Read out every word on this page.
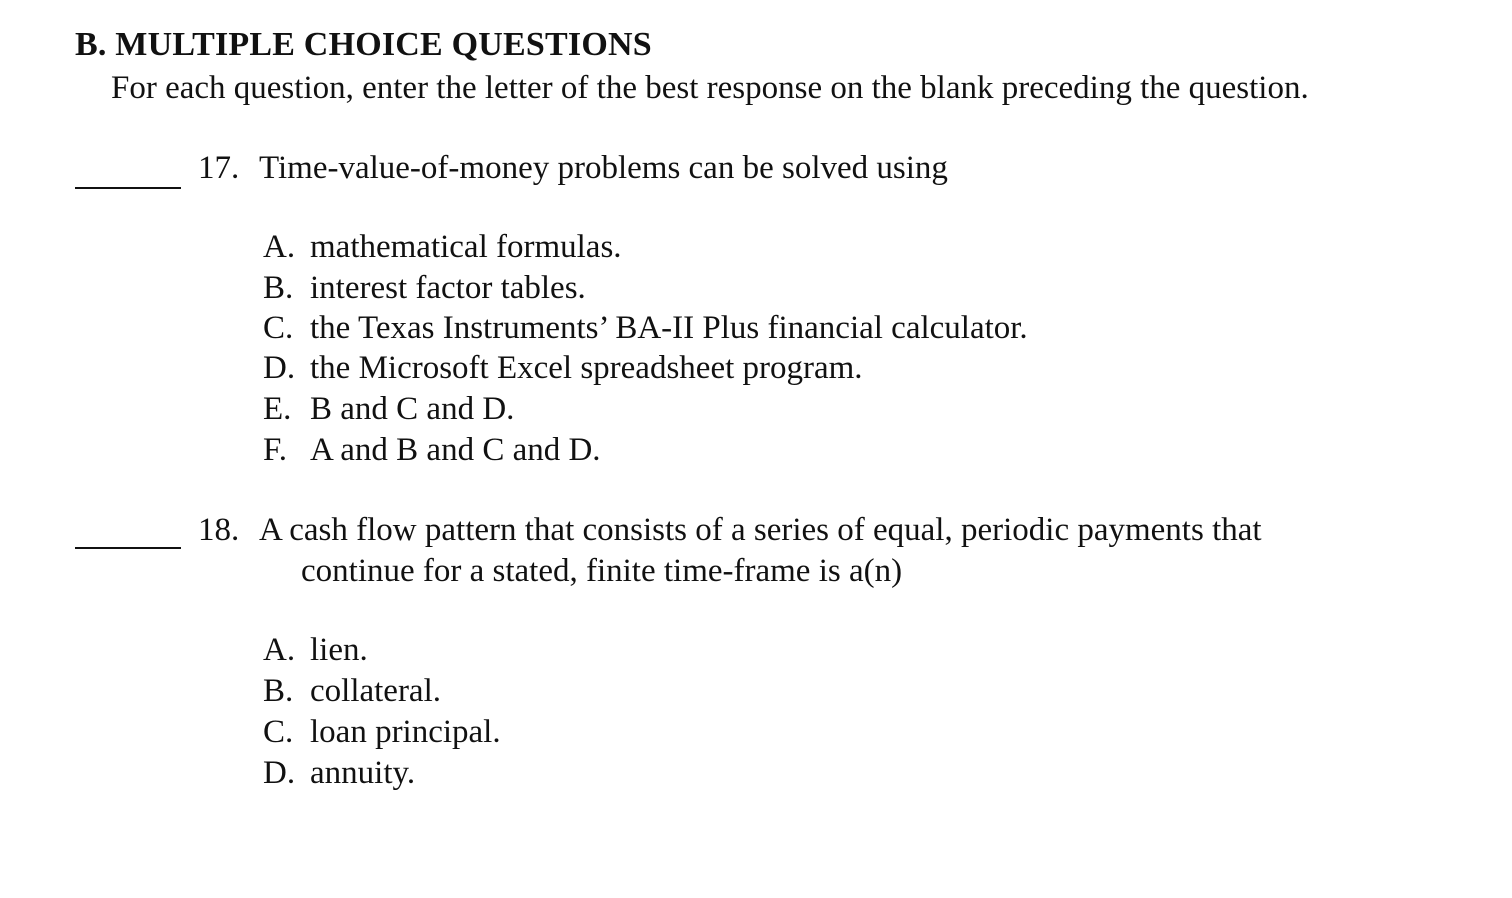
B. MULTIPLE CHOICE QUESTIONS
For each question, enter the letter of the best response on the blank preceding the question.
17. Time-value-of-money problems can be solved using
A. mathematical formulas.
B. interest factor tables.
C. the Texas Instruments’ BA-II Plus financial calculator.
D. the Microsoft Excel spreadsheet program.
E. B and C and D.
F. A and B and C and D.
18. A cash flow pattern that consists of a series of equal, periodic payments that
continue for a stated, finite time-frame is a(n)
A. lien.
B. collateral.
C. loan principal.
D. annuity.
